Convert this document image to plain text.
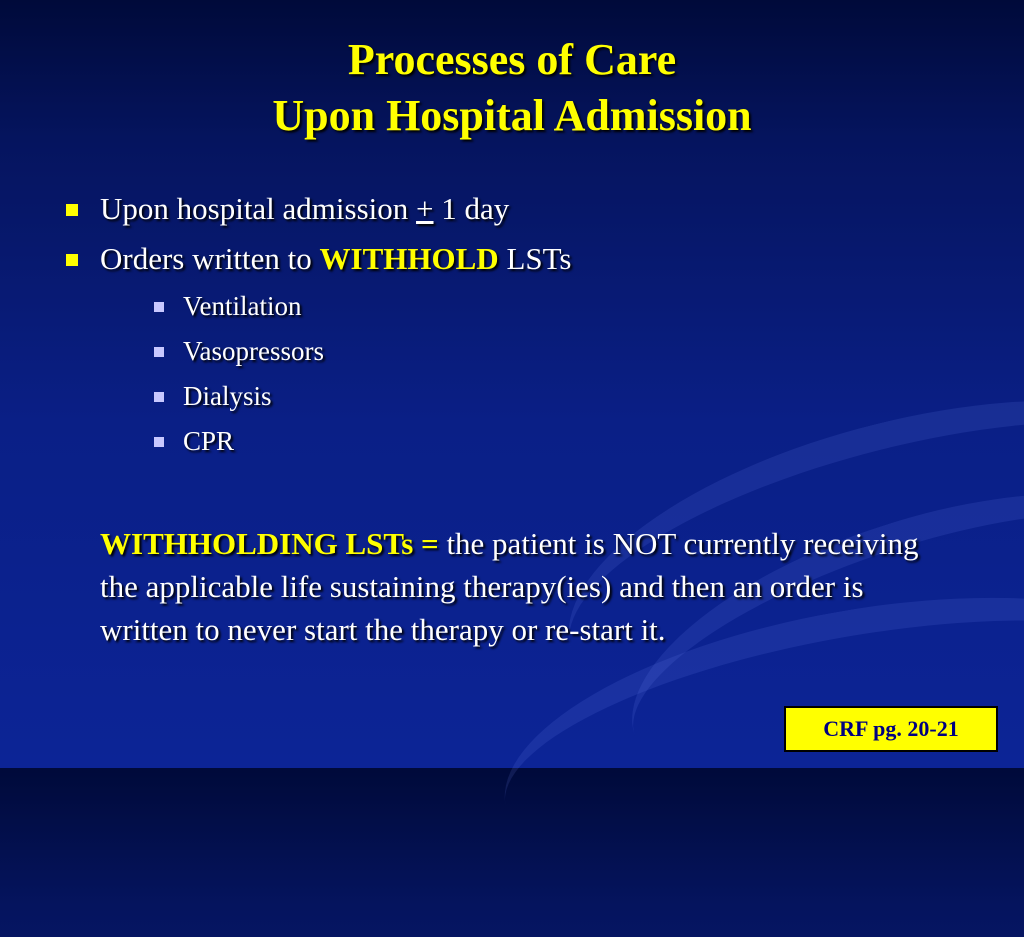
Processes of Care
Upon Hospital Admission
Upon hospital admission + 1 day
Orders written to WITHHOLD LSTs
Ventilation
Vasopressors
Dialysis
CPR
WITHHOLDING LSTs = the patient is NOT currently receiving the applicable life sustaining therapy(ies) and then an order is written to never start the therapy or re-start it.
CRF pg. 20-21
